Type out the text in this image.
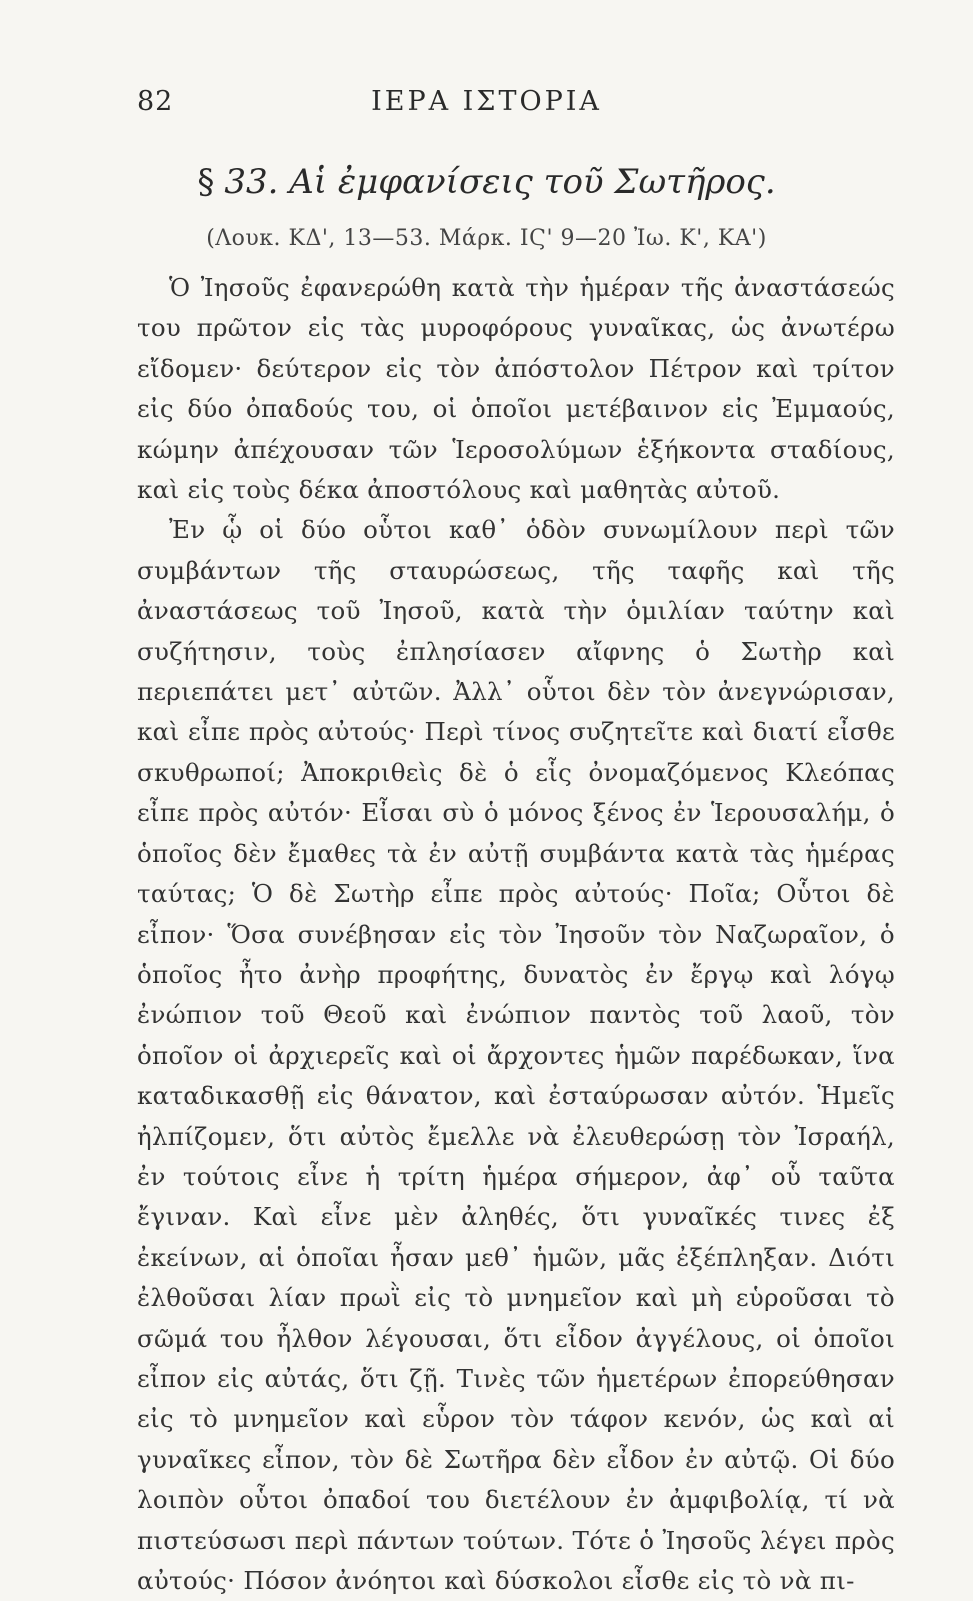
82	ΙΕΡΑ ΙΣΤΟΡΙΑ
§ 33. Αἱ ἐμφανίσεις τοῦ Σωτῆρος.
(Λουκ. ΚΔ', 13—53. Μάρκ. ΙϚ' 9—20 Ἰω. Κ', ΚΑ')

Ὁ Ἰησοῦς ἐφανερώθη κατὰ τὴν ἡμέραν τῆς ἀναστάσεώς του πρῶτον εἰς τὰς μυροφόρους γυναῖκας, ὡς ἀνωτέρω εἴδομεν· δεύτερον εἰς τὸν ἀπόστολον Πέτρον καὶ τρίτον εἰς δύο ὀπαδούς του, οἱ ὁποῖοι μετέβαινον εἰς Ἐμμαούς, κώμην ἀπέχουσαν τῶν Ἱεροσολύμων ἑξήκοντα σταδίους, καὶ εἰς τοὺς δέκα ἀποστόλους καὶ μαθητὰς αὐτοῦ.

Ἐν ᾧ οἱ δύο οὗτοι καθ᾽ ὁδὸν συνωμίλουν περὶ τῶν συμβάντων τῆς σταυρώσεως, τῆς ταφῆς καὶ τῆς ἀναστάσεως τοῦ Ἰησοῦ, κατὰ τὴν ὁμιλίαν ταύτην καὶ συζήτησιν, τοὺς ἐπλησίασεν αἴφνης ὁ Σωτὴρ καὶ περιεπάτει μετ᾽ αὐτῶν. Ἀλλ᾽ οὗτοι δὲν τὸν ἀνεγνώρισαν, καὶ εἶπε πρὸς αὐτούς· Περὶ τίνος συζητεῖτε καὶ διατί εἶσθε σκυθρωποί; Ἀποκριθεὶς δὲ ὁ εἷς ὀνομαζόμενος Κλεόπας εἶπε πρὸς αὐτόν· Εἶσαι σὺ ὁ μόνος ξένος ἐν Ἱερουσαλήμ, ὁ ὁποῖος δὲν ἔμαθες τὰ ἐν αὐτῇ συμβάντα κατὰ τὰς ἡμέρας ταύτας; Ὁ δὲ Σωτὴρ εἶπε πρὸς αὐτούς· Ποῖα; Οὗτοι δὲ εἶπον· Ὅσα συνέβησαν εἰς τὸν Ἰησοῦν τὸν Ναζωραῖον, ὁ ὁποῖος ἦτο ἀνὴρ προφήτης, δυνατὸς ἐν ἔργῳ καὶ λόγῳ ἐνώπιον τοῦ Θεοῦ καὶ ἐνώπιον παντὸς τοῦ λαοῦ, τὸν ὁποῖον οἱ ἀρχιερεῖς καὶ οἱ ἄρχοντες ἡμῶν παρέδωκαν, ἵνα καταδικασθῇ εἰς θάνατον, καὶ ἐσταύρωσαν αὐτόν. Ἡμεῖς ἠλπίζομεν, ὅτι αὐτὸς ἔμελλε νὰ ἐλευθερώσῃ τὸν Ἰσραήλ, ἐν τούτοις εἶνε ἡ τρίτη ἡμέρα σήμερον, ἀφ᾽ οὗ ταῦτα ἔγιναν. Καὶ εἶνε μὲν ἀληθές, ὅτι γυναῖκές τινες ἐξ ἐκείνων, αἱ ὁποῖαι ἦσαν μεθ᾽ ἡμῶν, μᾶς ἐξέπληξαν. Διότι ἐλθοῦσαι λίαν πρωῒ εἰς τὸ μνημεῖον καὶ μὴ εὑροῦσαι τὸ σῶμά του ἦλθον λέγουσαι, ὅτι εἶδον ἀγγέλους, οἱ ὁποῖοι εἶπον εἰς αὐτάς, ὅτι ζῇ. Τινὲς τῶν ἡμετέρων ἐπορεύθησαν εἰς τὸ μνημεῖον καὶ εὗρον τὸν τάφον κενόν, ὡς καὶ αἱ γυναῖκες εἶπον, τὸν δὲ Σωτῆρα δὲν εἶδον ἐν αὐτῷ. Οἱ δύο λοιπὸν οὗτοι ὀπαδοί του διετέλουν ἐν ἀμφιβολίᾳ, τί νὰ πιστεύσωσι περὶ πάντων τούτων. Τότε ὁ Ἰησοῦς λέγει πρὸς αὐτούς· Πόσον ἀνόητοι καὶ δύσκολοι εἶσθε εἰς τὸ νὰ πι-
